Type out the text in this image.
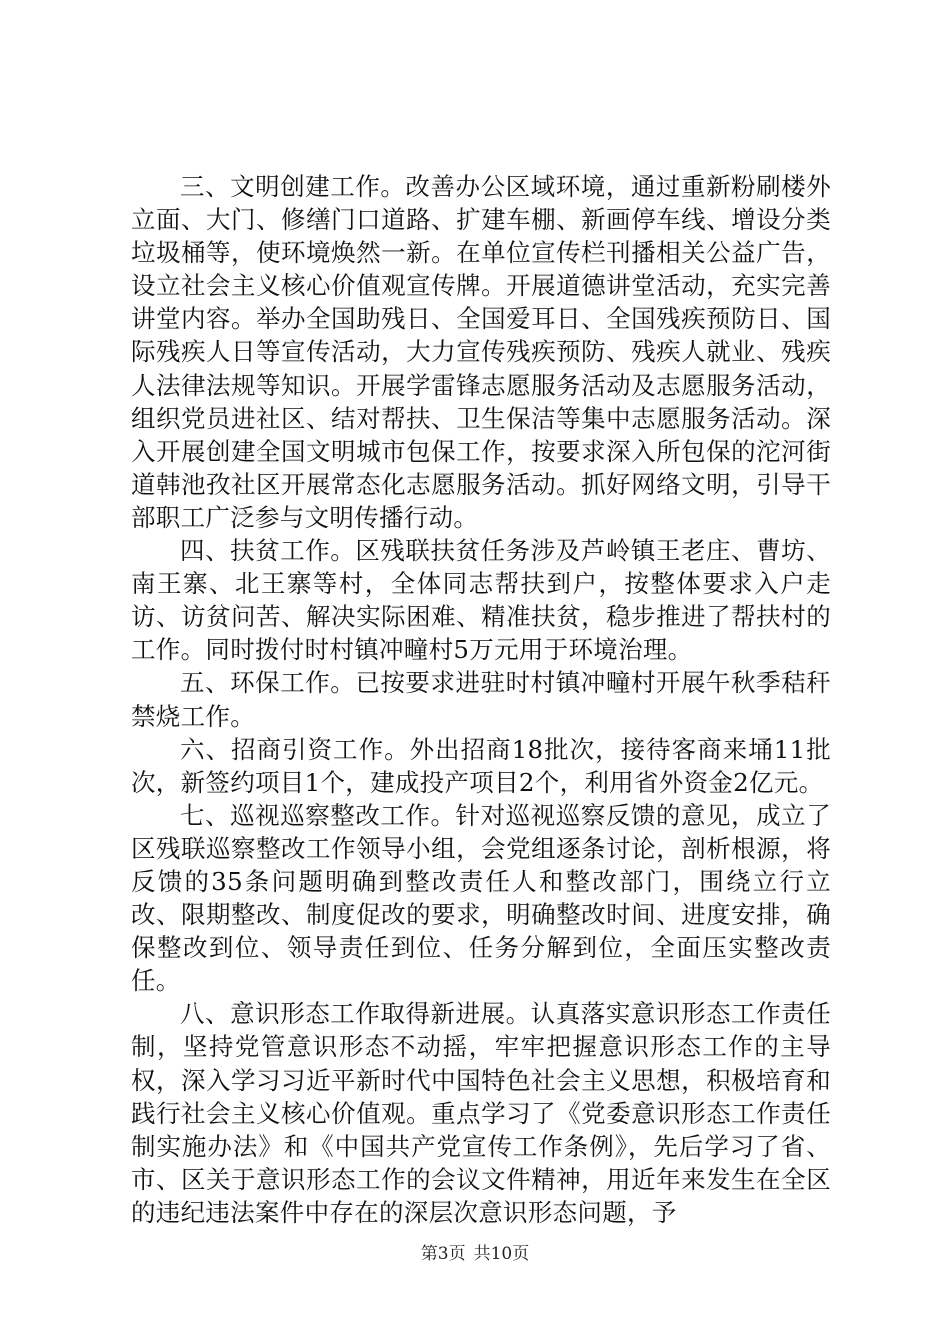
三、文明创建工作。改善办公区域环境，通过重新粉刷楼外立面、大门、修缮门口道路、扩建车棚、新画停车线、增设分类垃圾桶等，使环境焕然一新。在单位宣传栏刊播相关公益广告，设立社会主义核心价值观宣传牌。开展道德讲堂活动，充实完善讲堂内容。举办全国助残日、全国爱耳日、全国残疾预防日、国际残疾人日等宣传活动，大力宣传残疾预防、残疾人就业、残疾人法律法规等知识。开展学雷锋志愿服务活动及志愿服务活动，组织党员进社区、结对帮扶、卫生保洁等集中志愿服务活动。深入开展创建全国文明城市包保工作，按要求深入所包保的沱河街道韩池孜社区开展常态化志愿服务活动。抓好网络文明，引导干部职工广泛参与文明传播行动。

四、扶贫工作。区残联扶贫任务涉及芦岭镇王老庄、曹坊、南王寨、北王寨等村，全体同志帮扶到户，按整体要求入户走访、访贫问苦、解决实际困难、精准扶贫，稳步推进了帮扶村的工作。同时拨付时村镇冲疃村5万元用于环境治理。

五、环保工作。已按要求进驻时村镇冲疃村开展午秋季秸秆禁烧工作。

六、招商引资工作。外出招商18批次，接待客商来埇11批次，新签约项目1个，建成投产项目2个，利用省外资金2亿元。

七、巡视巡察整改工作。针对巡视巡察反馈的意见，成立了区残联巡察整改工作领导小组，会党组逐条讨论，剖析根源，将反馈的35条问题明确到整改责任人和整改部门，围绕立行立改、限期整改、制度促改的要求，明确整改时间、进度安排，确保整改到位、领导责任到位、任务分解到位，全面压实整改责任。

八、意识形态工作取得新进展。认真落实意识形态工作责任制，坚持党管意识形态不动摇，牢牢把握意识形态工作的主导权，深入学习习近平新时代中国特色社会主义思想，积极培育和践行社会主义核心价值观。重点学习了《党委意识形态工作责任制实施办法》和《中国共产党宣传工作条例》，先后学习了省、市、区关于意识形态工作的会议文件精神，用近年来发生在全区的违纪违法案件中存在的深层次意识形态问题，予

第3页 共10页
